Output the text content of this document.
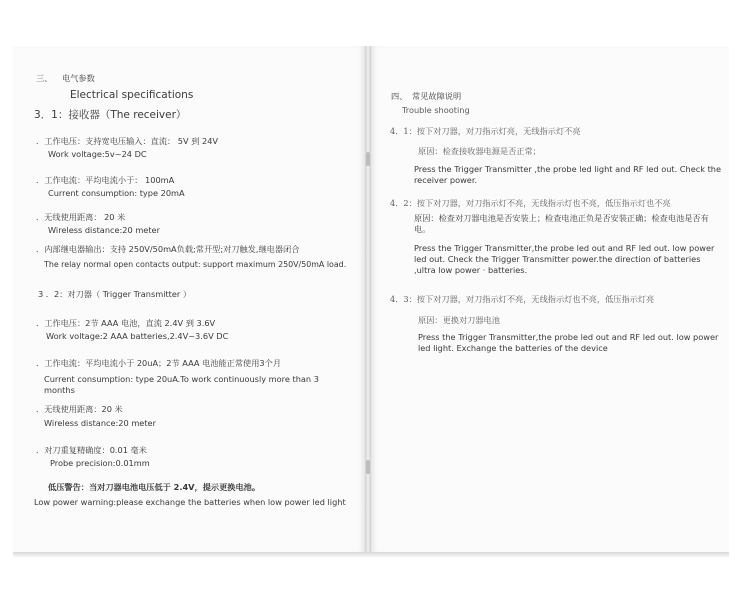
三、 电气参数
Electrical specifications
3．1：接收器（The receiver）
．工作电压：支持宽电压输入：直流： 5V 到 24V
Work voltage:5v~24 DC
．工作电流：平均电流小于： 100mA
Current consumption: type 20mA
．无线使用距离： 20 米
Wireless distance:20 meter
．内部继电器输出：支持 250V/50mA负载;常开型;对刀触发,继电器闭合
The relay normal open contacts output: support maximum 250V/50mA load.
3 ．2：对刀器（ Trigger Transmitter ）
．工作电压：2节 AAA 电池，直流 2.4V 到 3.6V
Work voltage:2 AAA batteries,2.4V~3.6V DC
．工作电流：平均电流小于 20uA；2节 AAA 电池能正常使用3个月
Current consumption: type 20uA.To work continuously more than 3 months
．无线使用距离：20 米
Wireless distance:20 meter
．对刀重复精确度：0.01 毫米
Probe precision:0.01mm
低压警告：当对刀器电池电压低于 2.4V，提示更换电池。
Low power warning:please exchange the batteries when low power led light
四、 常见故障说明
Trouble shooting
4．1：按下对刀器，对刀指示灯亮，无线指示灯不亮
原因：检查接收器电源是否正常；
Press the Trigger Transmitter ,the probe led light and RF led out. Check the receiver power.
4．2：按下对刀器，对刀指示灯不亮，无线指示灯也不亮，低压指示灯也不亮
原因：检查对刀器电池是否安装上；检查电池正负是否安装正确；检查电池是否有电。
Press the Trigger Transmitter,the probe led out and RF led out. low power led out. Check the Trigger Transmitter power.the direction of batteries ,ultra low power · batteries.
4．3：按下对刀器，对刀指示灯不亮，无线指示灯也不亮，低压指示灯亮
原因：更换对刀器电池
Press the Trigger Transmitter,the probe led out and RF led out. low power led light. Exchange the batteries of the device
